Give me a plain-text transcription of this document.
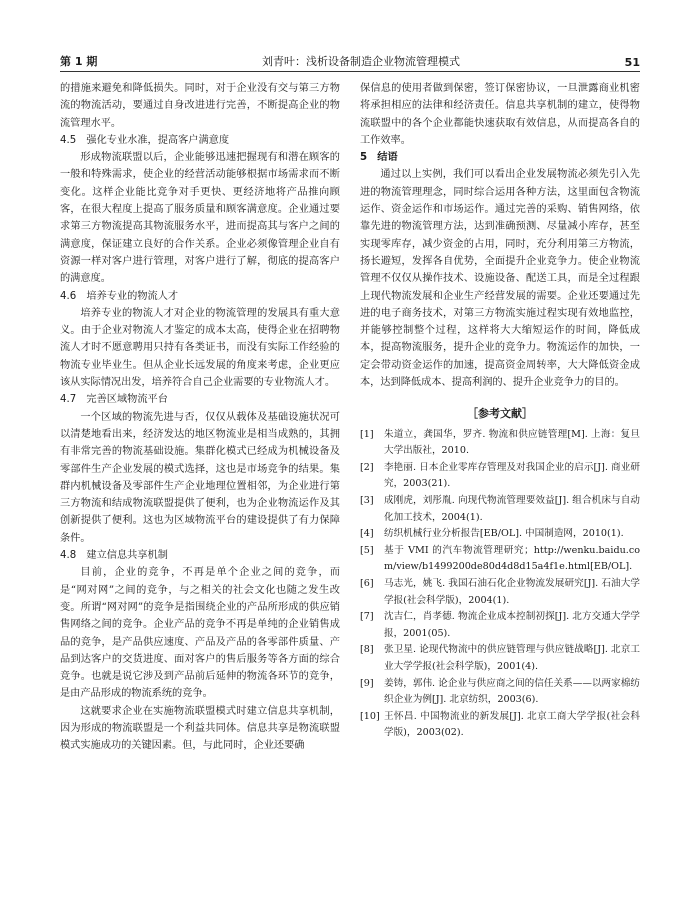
第 1 期	刘青叶：浅析设备制造企业物流管理模式	51

的措施来避免和降低损失。同时，对于企业没有交与第三方物流的物流活动，要通过自身改进进行完善，不断提高企业的物流管理水平。

4.5　强化专业水准，提高客户满意度

形成物流联盟以后，企业能够迅速把握现有和潜在顾客的一般和特殊需求，使企业的经营活动能够根据市场需求而不断变化。这样企业能比竞争对手更快、更经济地将产品推向顾客，在很大程度上提高了服务质量和顾客满意度。企业通过要求第三方物流提高其物流服务水平，进而提高其与客户之间的满意度，保证建立良好的合作关系。企业必须像管理企业自有资源一样对客户进行管理，对客户进行了解，彻底的提高客户的满意度。

4.6　培养专业的物流人才

培养专业的物流人才对企业的物流管理的发展具有重大意义。由于企业对物流人才鉴定的成本太高，使得企业在招聘物流人才时不愿意聘用只持有各类证书，而没有实际工作经验的物流专业毕业生。但从企业长远发展的角度来考虑，企业更应该从实际情况出发，培养符合自己企业需要的专业物流人才。

4.7　完善区域物流平台

一个区域的物流先进与否，仅仅从载体及基础设施状况可以清楚地看出来，经济发达的地区物流业是相当成熟的，其拥有非常完善的物流基础设施。集群化模式已经成为机械设备及零部件生产企业发展的模式选择，这也是市场竞争的结果。集群内机械设备及零部件生产企业地理位置相邻，为企业进行第三方物流和结成物流联盟提供了便利，也为企业物流运作及其创新提供了便利。这也为区域物流平台的建设提供了有力保障条件。

4.8　建立信息共享机制

目前，企业的竞争，不再是单个企业之间的竞争，而是“网对网”之间的竞争，与之相关的社会文化也随之发生改变。所谓“网对网”的竞争是指围绕企业的产品所形成的供应销售网络之间的竞争。企业产品的竞争不再是单纯的企业销售成品的竞争，是产品供应速度、产品及产品的各零部件质量、产品到达客户的交货进度、面对客户的售后服务等各方面的综合竞争。也就是说它涉及到产品前后延伸的物流各环节的竞争，是由产品形成的物流系统的竞争。

这就要求企业在实施物流联盟模式时建立信息共享机制，因为形成的物流联盟是一个利益共同体。信息共享是物流联盟模式实施成功的关键因素。但，与此同时，企业还要确

保信息的使用者做到保密，签订保密协议，一旦泄露商业机密将承担相应的法律和经济责任。信息共享机制的建立，使得物流联盟中的各个企业都能快速获取有效信息，从而提高各自的工作效率。

5　结语

通过以上实例，我们可以看出企业发展物流必须先引入先进的物流管理理念，同时综合运用各种方法，这里面包含物流运作、资金运作和市场运作。通过完善的采购、销售网络，依靠先进的物流管理方法，达到准确预测、尽量减小库存，甚至实现零库存，减少资金的占用，同时，充分利用第三方物流，扬长避短，发挥各自优势，全面提升企业竞争力。使企业物流管理不仅仅从操作技术、设施设备、配送工具，而是全过程跟上现代物流发展和企业生产经营发展的需要。企业还要通过先进的电子商务技术，对第三方物流实施过程实现有效地监控，并能够控制整个过程，这样将大大缩短运作的时间，降低成本，提高物流服务，提升企业的竞争力。物流运作的加快，一定会带动资金运作的加速，提高资金周转率，大大降低资金成本，达到降低成本、提高利润的、提升企业竞争力的目的。

［参考文献］
[1]	朱道立，龚国华，罗齐. 物流和供应链管理[M]. 上海：复旦大学出版社，2010.
[2]	李艳丽. 日本企业零库存管理及对我国企业的启示[J]. 商业研究，2003(21).
[3]	成刚虎，刘彤胤. 向现代物流管理要效益[J]. 组合机床与自动化加工技术，2004(1).
[4]	纺织机械行业分析报告[EB/OL]. 中国制造网，2010(1).
[5]	基于 VMI 的汽车物流管理研究；http://wenku.baidu.com/view/b1499200de80d4d8d15a4f1e.html[EB/OL].
[6]	马志光，姚飞. 我国石油石化企业物流发展研究[J]. 石油大学学报(社会科学版)，2004(1).
[7]	沈吉仁，肖孝德. 物流企业成本控制初探[J]. 北方交通大学学报，2001(05).
[8]	张卫星. 论现代物流中的供应链管理与供应链战略[J]. 北京工业大学学报(社会科学版)，2001(4).
[9]	姜铸，郭伟. 论企业与供应商之间的信任关系——以两家棉纺织企业为例[J]. 北京纺织，2003(6).
[10] 王怀昌. 中国物流业的新发展[J]. 北京工商大学学报(社会科学版)，2003(02).
